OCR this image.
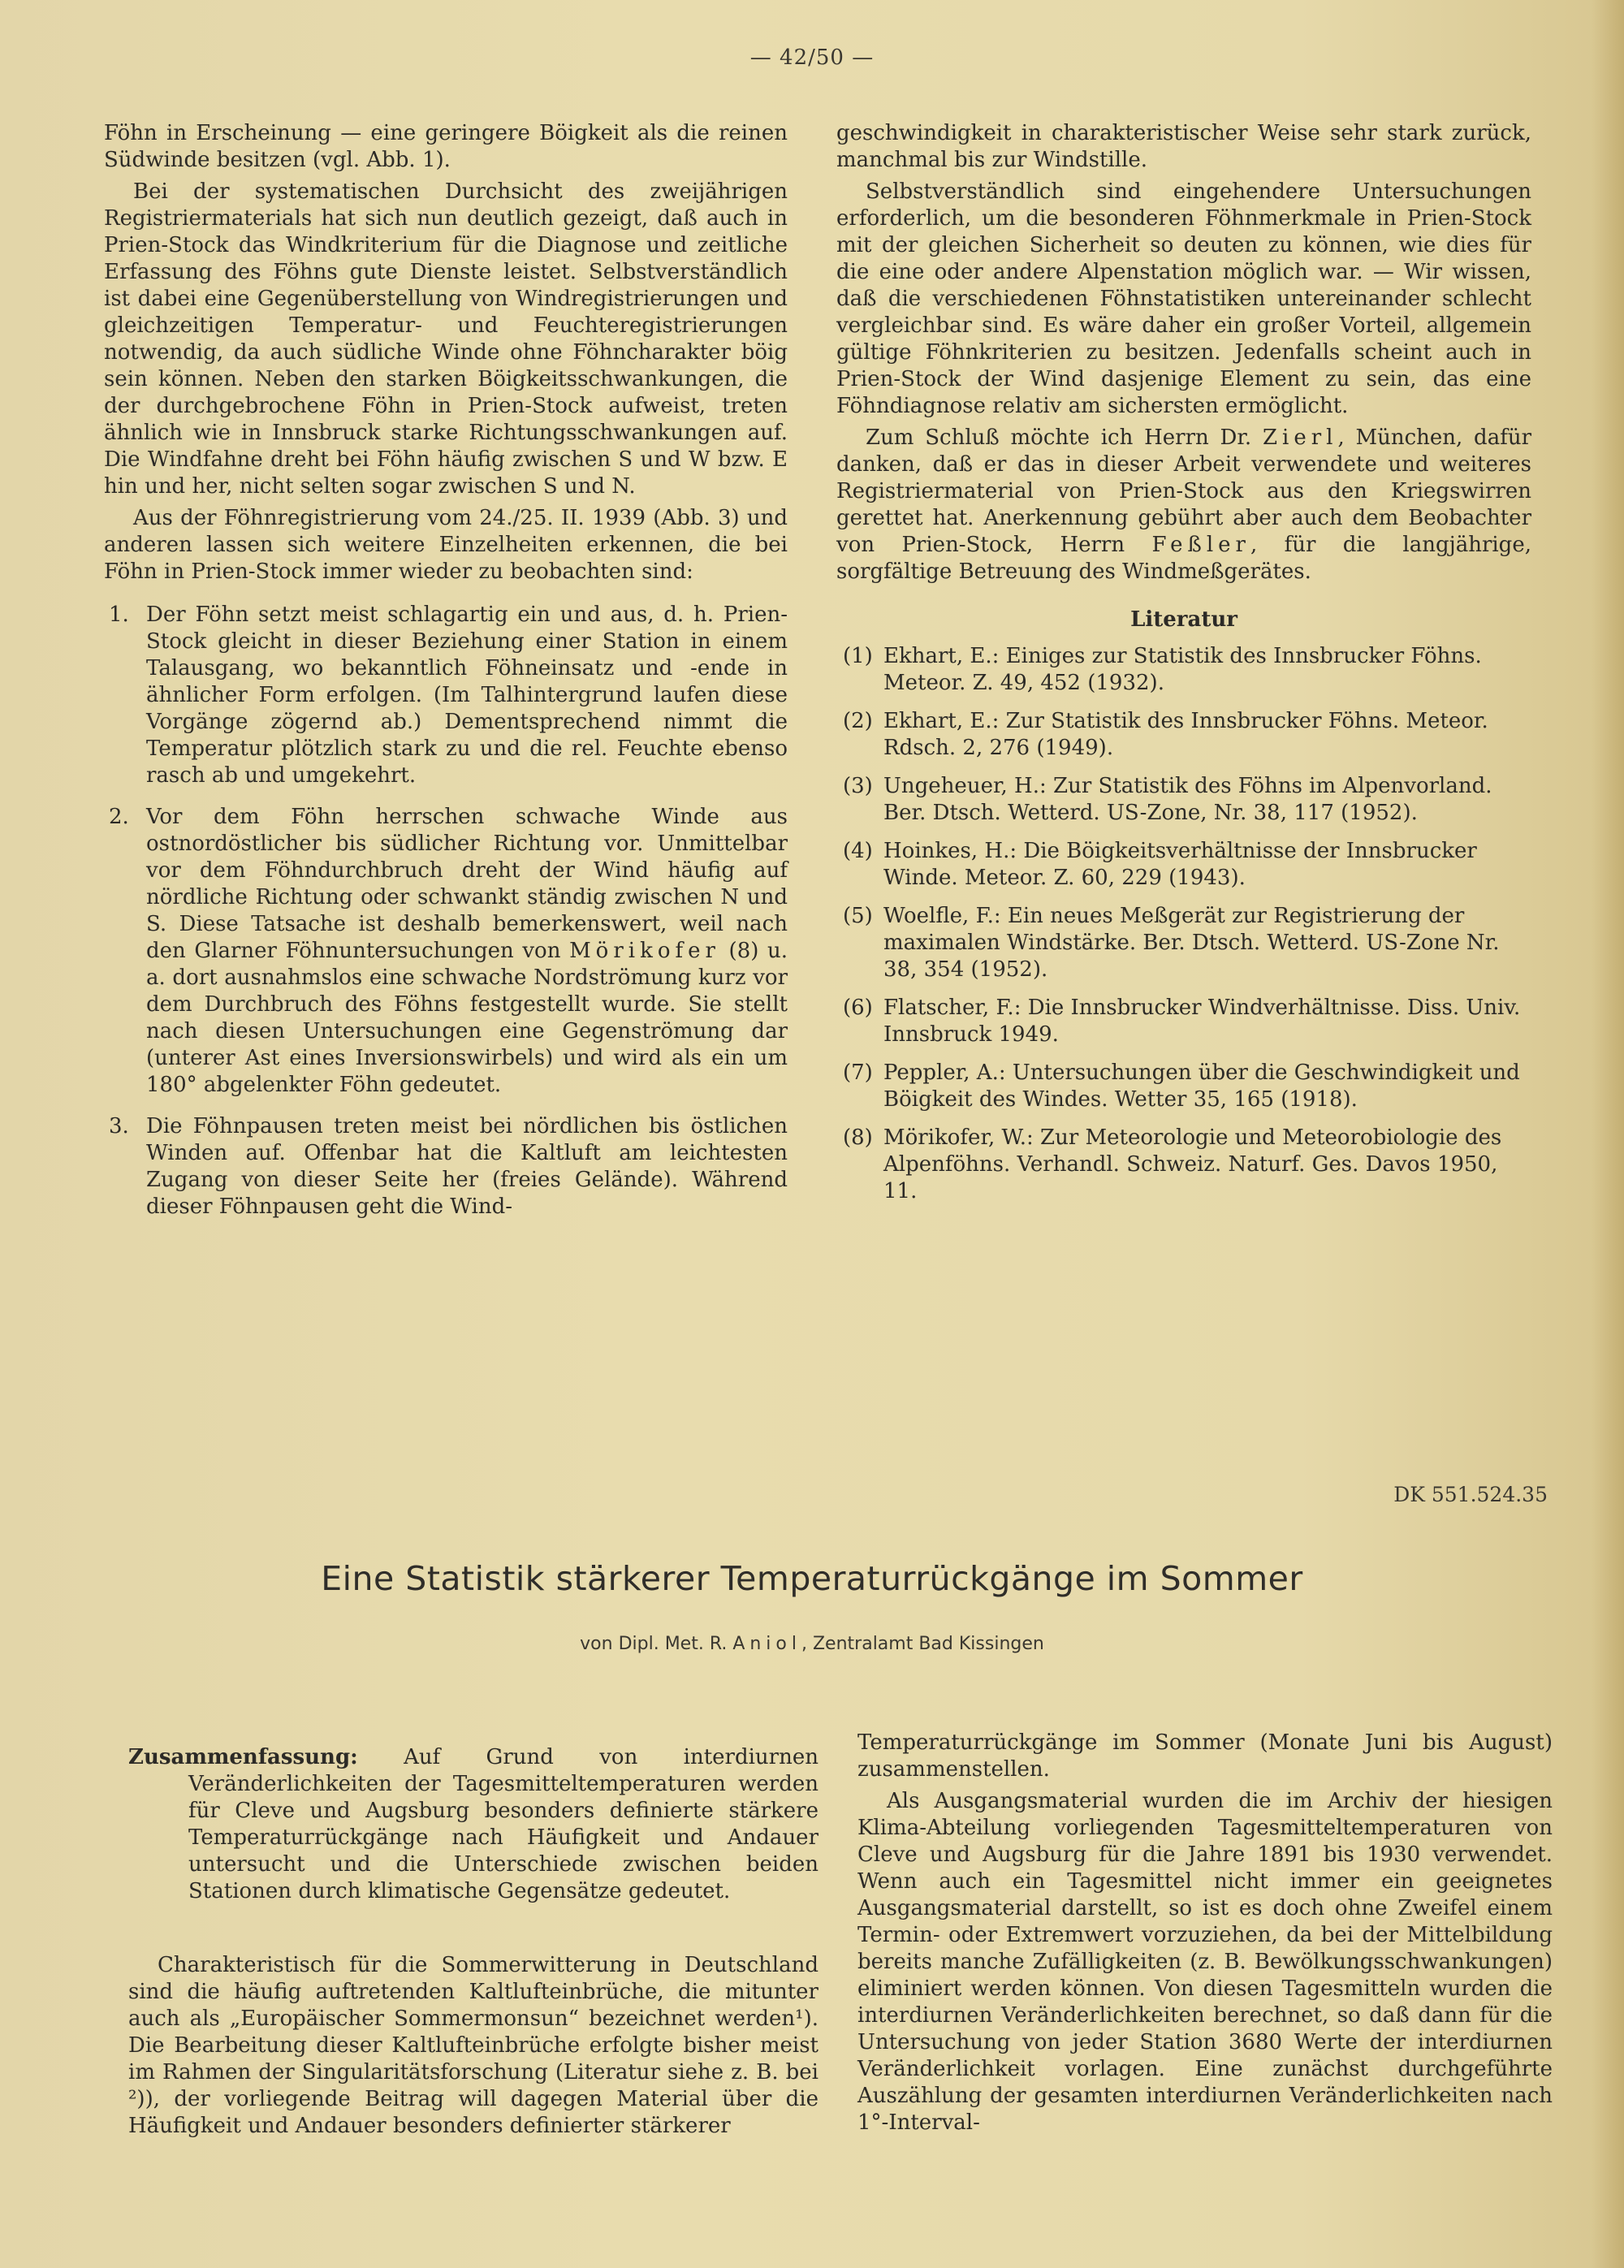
— 42/50 —

Föhn in Erscheinung — eine geringere Böigkeit als die reinen Südwinde besitzen (vgl. Abb. 1).

Bei der systematischen Durchsicht des zweijährigen Registriermaterials hat sich nun deutlich gezeigt, daß auch in Prien-Stock das Windkriterium für die Diagnose und zeitliche Erfassung des Föhns gute Dienste leistet. Selbstverständlich ist dabei eine Gegenüberstellung von Windregistrierungen und gleichzeitigen Temperatur- und Feuchteregistrierungen notwendig, da auch südliche Winde ohne Föhncharakter böig sein können. Neben den starken Böigkeitsschwankungen, die der durchgebrochene Föhn in Prien-Stock aufweist, treten ähnlich wie in Innsbruck starke Richtungsschwankungen auf. Die Windfahne dreht bei Föhn häufig zwischen S und W bzw. E hin und her, nicht selten sogar zwischen S und N.

Aus der Föhnregistrierung vom 24./25. II. 1939 (Abb. 3) und anderen lassen sich weitere Einzelheiten erkennen, die bei Föhn in Prien-Stock immer wieder zu beobachten sind:

1. Der Föhn setzt meist schlagartig ein und aus, d. h. Prien-Stock gleicht in dieser Beziehung einer Station in einem Talausgang, wo bekanntlich Föhneinsatz und -ende in ähnlicher Form erfolgen. (Im Talhintergrund laufen diese Vorgänge zögernd ab.) Dementsprechend nimmt die Temperatur plötzlich stark zu und die rel. Feuchte ebenso rasch ab und umgekehrt.
2. Vor dem Föhn herrschen schwache Winde aus ostnordöstlicher bis südlicher Richtung vor. Unmittelbar vor dem Föhndurchbruch dreht der Wind häufig auf nördliche Richtung oder schwankt ständig zwischen N und S. Diese Tatsache ist deshalb bemerkenswert, weil nach den Glarner Föhnuntersuchungen von Mörikofer (8) u. a. dort ausnahmslos eine schwache Nordströmung kurz vor dem Durchbruch des Föhns festgestellt wurde. Sie stellt nach diesen Untersuchungen eine Gegenströmung dar (unterer Ast eines Inversionswirbels) und wird als ein um 180° abgelenkter Föhn gedeutet.
3. Die Föhnpausen treten meist bei nördlichen bis östlichen Winden auf. Offenbar hat die Kaltluft am leichtesten Zugang von dieser Seite her (freies Gelände). Während dieser Föhnpausen geht die Wind-

geschwindigkeit in charakteristischer Weise sehr stark zurück, manchmal bis zur Windstille.

Selbstverständlich sind eingehendere Untersuchungen erforderlich, um die besonderen Föhnmerkmale in Prien-Stock mit der gleichen Sicherheit so deuten zu können, wie dies für die eine oder andere Alpenstation möglich war. — Wir wissen, daß die verschiedenen Föhnstatistiken untereinander schlecht vergleichbar sind. Es wäre daher ein großer Vorteil, allgemein gültige Föhnkriterien zu besitzen. Jedenfalls scheint auch in Prien-Stock der Wind dasjenige Element zu sein, das eine Föhndiagnose relativ am sichersten ermöglicht.

Zum Schluß möchte ich Herrn Dr. Zierl, München, dafür danken, daß er das in dieser Arbeit verwendete und weiteres Registriermaterial von Prien-Stock aus den Kriegswirren gerettet hat. Anerkennung gebührt aber auch dem Beobachter von Prien-Stock, Herrn Feßler, für die langjährige, sorgfältige Betreuung des Windmeßgerätes.

Literatur

(1) Ekhart, E.: Einiges zur Statistik des Innsbrucker Föhns. Meteor. Z. 49, 452 (1932).
(2) Ekhart, E.: Zur Statistik des Innsbrucker Föhns. Meteor. Rdsch. 2, 276 (1949).
(3) Ungeheuer, H.: Zur Statistik des Föhns im Alpenvorland. Ber. Dtsch. Wetterd. US-Zone, Nr. 38, 117 (1952).
(4) Hoinkes, H.: Die Böigkeitsverhältnisse der Innsbrucker Winde. Meteor. Z. 60, 229 (1943).
(5) Woelfle, F.: Ein neues Meßgerät zur Registrierung der maximalen Windstärke. Ber. Dtsch. Wetterd. US-Zone Nr. 38, 354 (1952).
(6) Flatscher, F.: Die Innsbrucker Windverhältnisse. Diss. Univ. Innsbruck 1949.
(7) Peppler, A.: Untersuchungen über die Geschwindigkeit und Böigkeit des Windes. Wetter 35, 165 (1918).
(8) Mörikofer, W.: Zur Meteorologie und Meteorobiologie des Alpenföhns. Verhandl. Schweiz. Naturf. Ges. Davos 1950, 11.
DK 551.524.35
Eine Statistik stärkerer Temperaturrückgänge im Sommer
von Dipl. Met. R. Aniol, Zentralamt Bad Kissingen

Zusammenfassung: Auf Grund von interdiurnen Veränderlichkeiten der Tagesmitteltemperaturen werden für Cleve und Augsburg besonders definierte stärkere Temperaturrückgänge nach Häufigkeit und Andauer untersucht und die Unterschiede zwischen beiden Stationen durch klimatische Gegensätze gedeutet.

Charakteristisch für die Sommerwitterung in Deutschland sind die häufig auftretenden Kaltlufteinbrüche, die mitunter auch als „Europäischer Sommermonsun“ bezeichnet werden¹). Die Bearbeitung dieser Kaltlufteinbrüche erfolgte bisher meist im Rahmen der Singularitätsforschung (Literatur siehe z. B. bei ²)), der vorliegende Beitrag will dagegen Material über die Häufigkeit und Andauer besonders definierter stärkerer

Temperaturrückgänge im Sommer (Monate Juni bis August) zusammenstellen.

Als Ausgangsmaterial wurden die im Archiv der hiesigen Klima-Abteilung vorliegenden Tagesmitteltemperaturen von Cleve und Augsburg für die Jahre 1891 bis 1930 verwendet. Wenn auch ein Tagesmittel nicht immer ein geeignetes Ausgangsmaterial darstellt, so ist es doch ohne Zweifel einem Termin- oder Extremwert vorzuziehen, da bei der Mittelbildung bereits manche Zufälligkeiten (z. B. Bewölkungsschwankungen) eliminiert werden können. Von diesen Tagesmitteln wurden die interdiurnen Veränderlichkeiten berechnet, so daß dann für die Untersuchung von jeder Station 3680 Werte der interdiurnen Veränderlichkeit vorlagen. Eine zunächst durchgeführte Auszählung der gesamten interdiurnen Veränderlichkeiten nach 1°-Interval-
